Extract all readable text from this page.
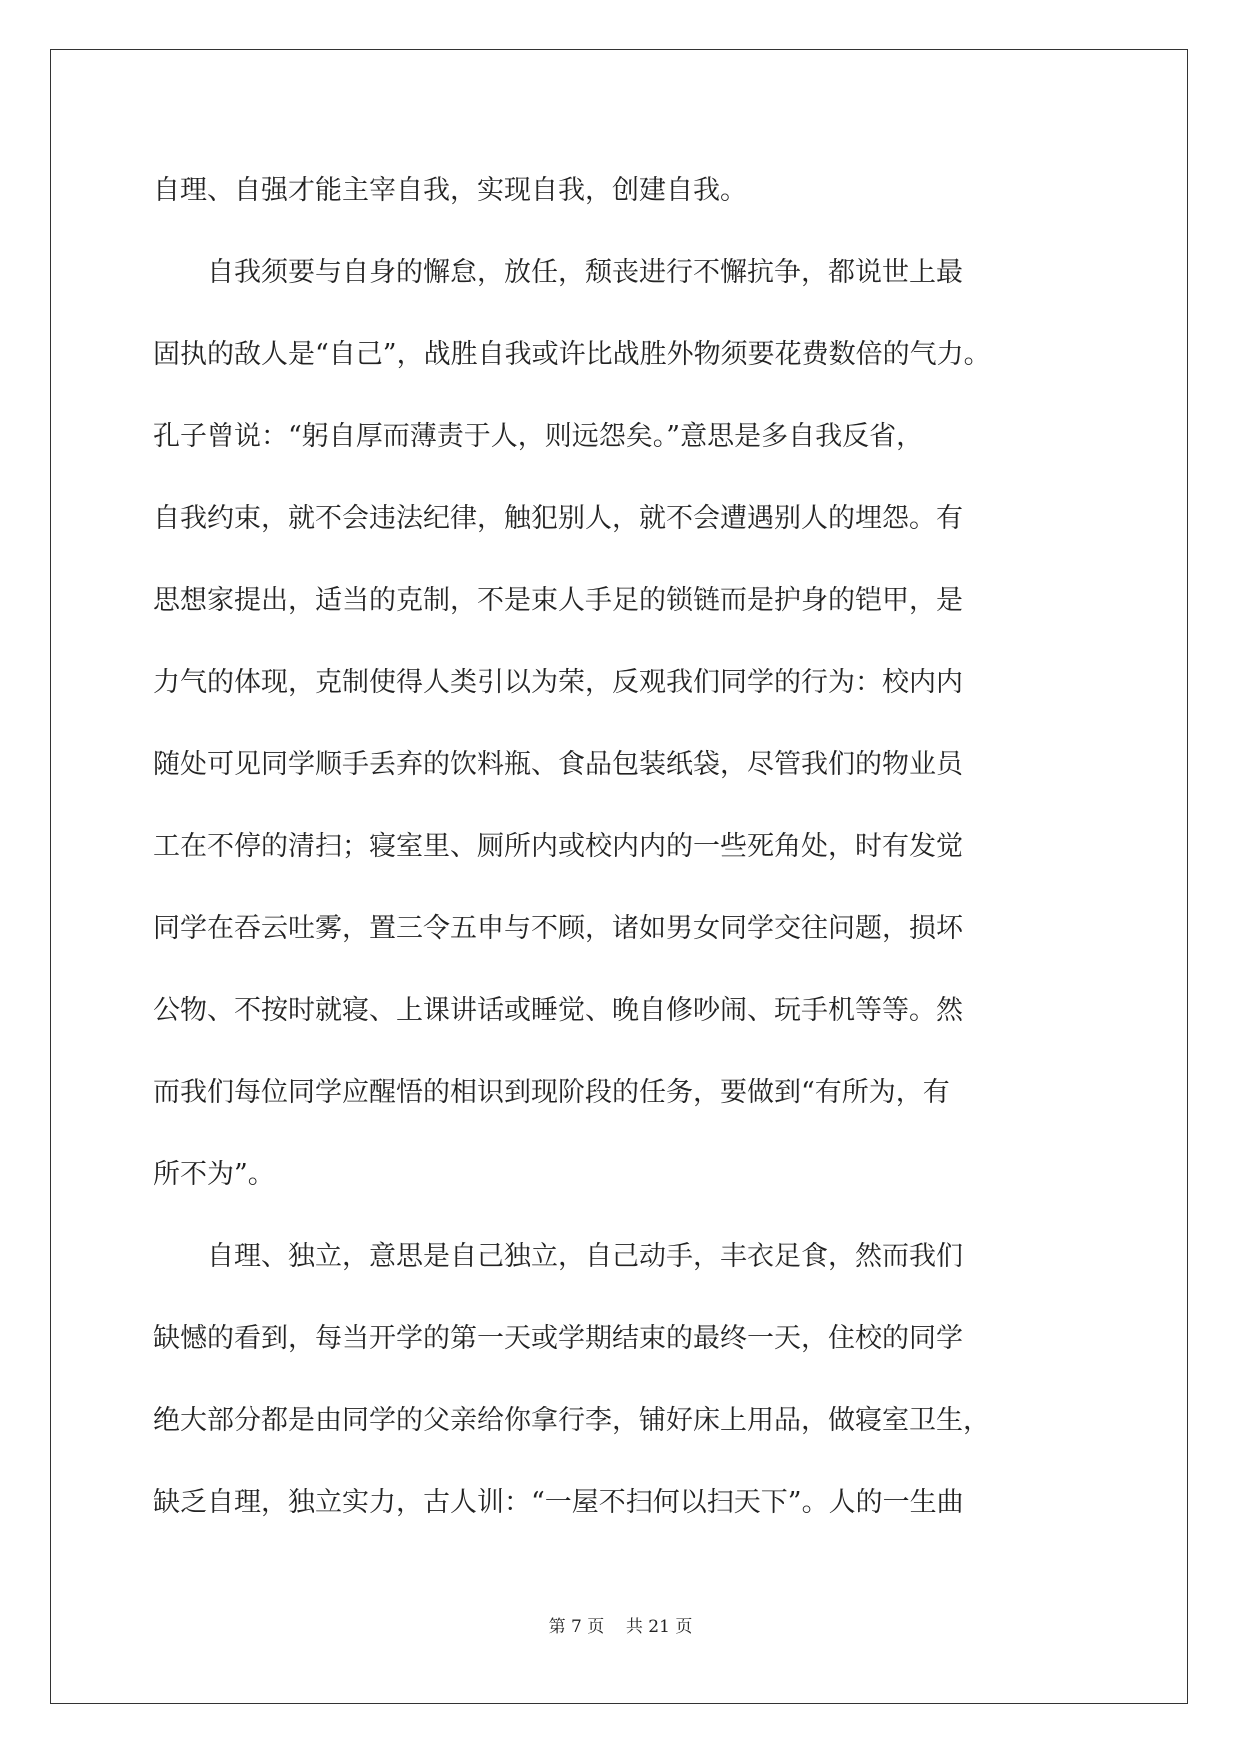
自理、自强才能主宰自我，实现自我，创建自我。

　　自我须要与自身的懈怠，放任，颓丧进行不懈抗争，都说世上最

固执的敌人是“自己”，战胜自我或许比战胜外物须要花费数倍的气力。

孔子曾说：“躬自厚而薄责于人，则远怨矣。”意思是多自我反省，

自我约束，就不会违法纪律，触犯别人，就不会遭遇别人的埋怨。有

思想家提出，适当的克制，不是束人手足的锁链而是护身的铠甲，是

力气的体现，克制使得人类引以为荣，反观我们同学的行为：校内内

随处可见同学顺手丢弃的饮料瓶、食品包装纸袋，尽管我们的物业员

工在不停的清扫；寝室里、厕所内或校内内的一些死角处，时有发觉

同学在吞云吐雾，置三令五申与不顾，诸如男女同学交往问题，损坏

公物、不按时就寝、上课讲话或睡觉、晚自修吵闹、玩手机等等。然

而我们每位同学应醒悟的相识到现阶段的任务，要做到“有所为，有

所不为”。

　　自理、独立，意思是自己独立，自己动手，丰衣足食，然而我们

缺憾的看到，每当开学的第一天或学期结束的最终一天，住校的同学

绝大部分都是由同学的父亲给你拿行李，铺好床上用品，做寝室卫生，

缺乏自理，独立实力，古人训：“一屋不扫何以扫天下”。人的一生曲

第 7 页 共 21 页
